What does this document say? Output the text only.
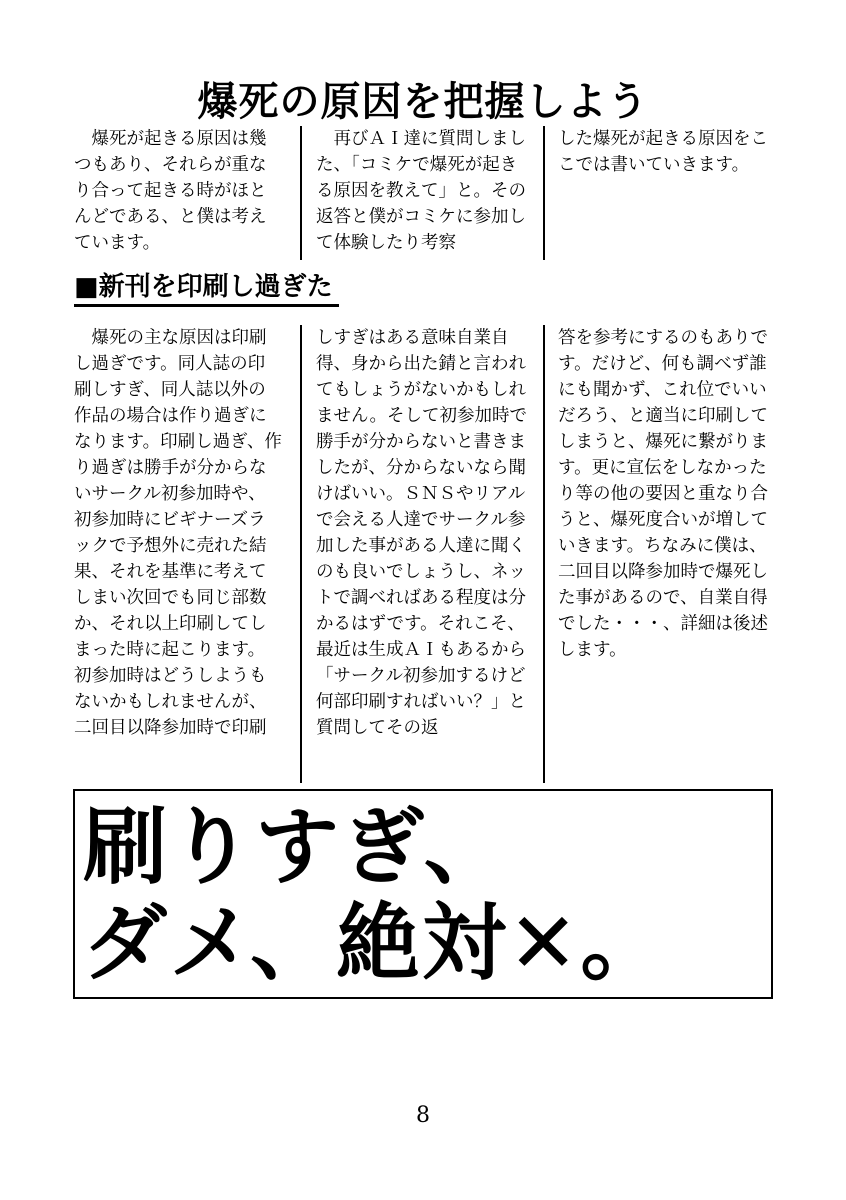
爆死の原因を把握しよう

爆死が起きる原因は幾つもあり、それらが重なり合って起きる時がほとんどである、と僕は考えています。

再びＡＩ達に質問しました、「コミケで爆死が起きる原因を教えて」と。その返答と僕がコミケに参加して体験したり考察

した爆死が起きる原因をここでは書いていきます。

■新刊を印刷し過ぎた

爆死の主な原因は印刷し過ぎです。同人誌の印刷しすぎ、同人誌以外の作品の場合は作り過ぎになります。印刷し過ぎ、作り過ぎは勝手が分からないサークル初参加時や、初参加時にビギナーズラックで予想外に売れた結果、それを基準に考えてしまい次回でも同じ部数か、それ以上印刷してしまった時に起こります。初参加時はどうしようもないかもしれませんが、二回目以降参加時で印刷

しすぎはある意味自業自得、身から出た錆と言われてもしょうがないかもしれません。そして初参加時で勝手が分からないと書きましたが、分からないなら聞けばいい。ＳＮＳやリアルで会える人達でサークル参加した事がある人達に聞くのも良いでしょうし、ネットで調べればある程度は分かるはずです。それこそ、最近は生成ＡＩもあるから「サークル初参加するけど何部印刷すればいい？」と質問してその返

答を参考にするのもありです。だけど、何も調べず誰にも聞かず、これ位でいいだろう、と適当に印刷してしまうと、爆死に繋がります。更に宣伝をしなかったり等の他の要因と重なり合うと、爆死度合いが増していきます。ちなみに僕は、二回目以降参加時で爆死した事があるので、自業自得でした・・・、詳細は後述します。

刷りすぎ、
ダメ、絶対✕。
8
